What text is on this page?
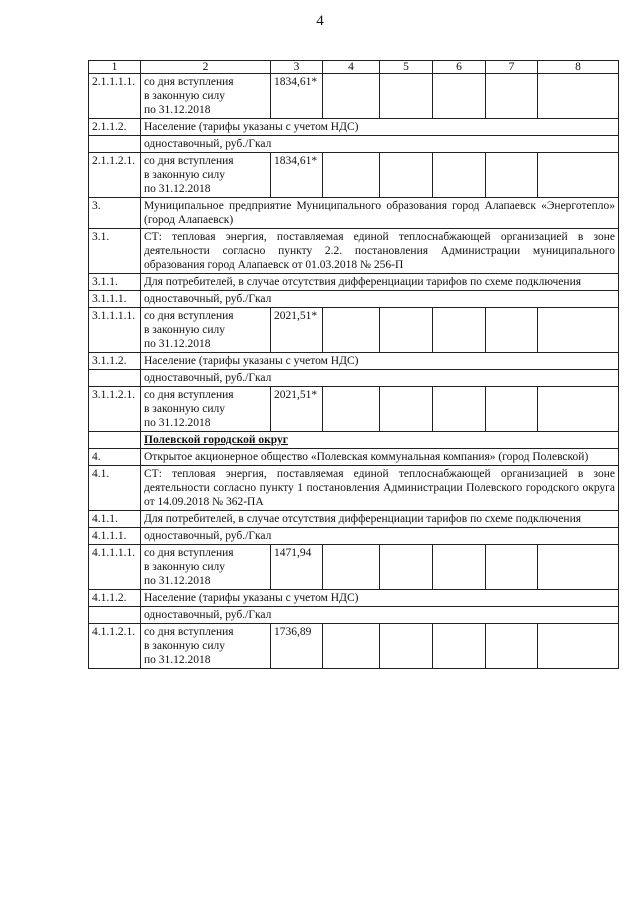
4
1	2	3	4	5	6	7	8
2.1.1.1.1.	со дня вступления
в законную силу
по 31.12.2018	1834,61*					
2.1.1.2.	Население (тарифы указаны с учетом НДС)						
	одноставочный, руб./Гкал						
2.1.1.2.1.	со дня вступления
в законную силу
по 31.12.2018	1834,61*					
3.	Муниципальное предприятие Муниципального образования город Алапаевск «Энерготепло» (город Алапаевск)						
3.1.	СТ: тепловая энергия, поставляемая единой теплоснабжающей организацией в зоне деятельности согласно пункту 2.2. постановления Администрации муниципального образования город Алапаевск от 01.03.2018 № 256-П						
3.1.1.	Для потребителей, в случае отсутствия дифференциации тарифов по схеме подключения						
3.1.1.1.	одноставочный, руб./Гкал						
3.1.1.1.1.	со дня вступления
в законную силу
по 31.12.2018	2021,51*					
3.1.1.2.	Население (тарифы указаны с учетом НДС)						
	одноставочный, руб./Гкал						
3.1.1.2.1.	со дня вступления
в законную силу
по 31.12.2018	2021,51*					
	Полевской городской округ						
4.	Открытое акционерное общество «Полевская коммунальная компания» (город Полевской)						
4.1.	СТ: тепловая энергия, поставляемая единой теплоснабжающей организацией в зоне деятельности согласно пункту 1 постановления Администрации Полевского городского округа от 14.09.2018 № 362-ПА						
4.1.1.	Для потребителей, в случае отсутствия дифференциации тарифов по схеме подключения						
4.1.1.1.	одноставочный, руб./Гкал						
4.1.1.1.1.	со дня вступления
в законную силу
по 31.12.2018	1471,94					
4.1.1.2.	Население (тарифы указаны с учетом НДС)						
	одноставочный, руб./Гкал						
4.1.1.2.1.	со дня вступления
в законную силу
по 31.12.2018	1736,89					
